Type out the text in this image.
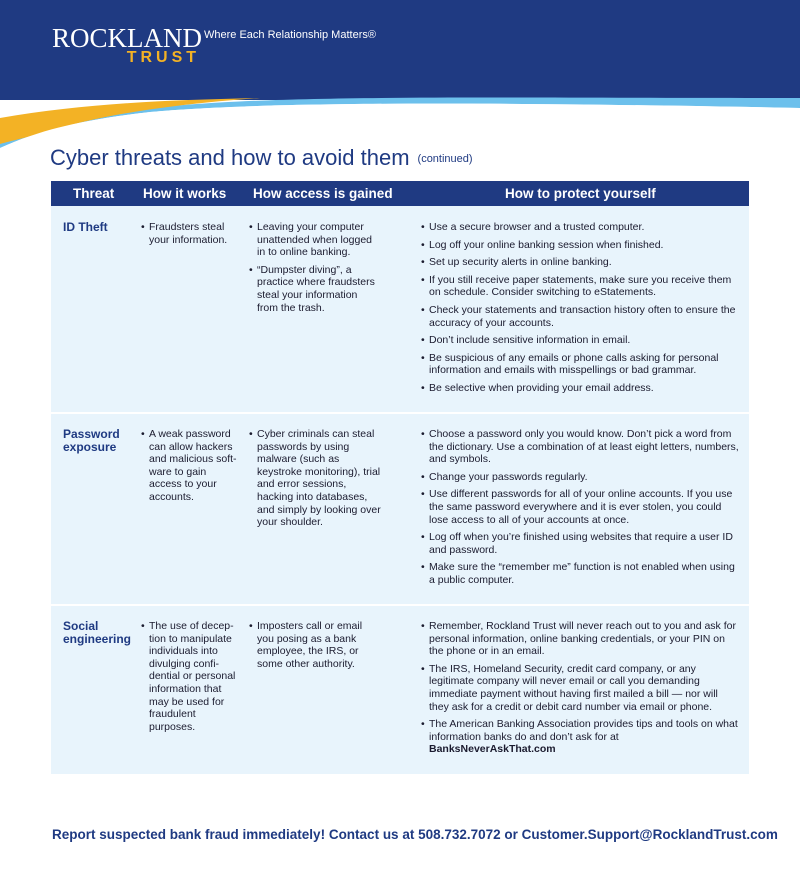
ROCKLAND
TRUST
Where Each Relationship Matters®
Cyber threats and how to avoid them (continued)
Threat How it works How access is gained	How to protect yourself
ID Theft
•	Fraudsters steal your information.
• Leaving your computer unattended when logged in to online banking.
• “Dumpster diving”, a practice where fraudsters steal your information from the trash.
• Use a secure browser and a trusted computer.
• Log off your online banking session when finished.
• Set up security alerts in online banking.
• If you still receive paper statements, make sure you receive them on schedule. Consider switching to eStatements.
• Check your statements and transaction history often to ensure the accuracy of your accounts.
• Don’t include sensitive information in email.
• Be suspicious of any emails or phone calls asking for personal information and emails with misspellings or bad grammar.
• Be selective when providing your email address.
Password exposure
• A weak password can allow hackers and malicious soft-ware to gain access to your accounts.
• Cyber criminals can steal passwords by using malware (such as keystroke monitoring), trial and error sessions, hacking into databases, and simply by looking over your shoulder.
• Choose a password only you would know. Don’t pick a word from the dictionary. Use a combination of at least eight letters, numbers, and symbols.
• Change your passwords regularly.
• Use different passwords for all of your online accounts. If you use the same password everywhere and it is ever stolen, you could lose access to all of your accounts at once.
• Log off when you’re finished using websites that require a user ID and password.
• Make sure the “remember me” function is not enabled when using a public computer.
Social engineering
• The use of decep-tion to manipulate individuals into divulging confi-dential or personal information that may be used for fraudulent purposes.
• Imposters call or email you posing as a bank employee, the IRS, or some other authority.
• Remember, Rockland Trust will never reach out to you and ask for personal information, online banking credentials, or your PIN on the phone or in an email.
• The IRS, Homeland Security, credit card company, or any legitimate company will never email or call you demanding immediate payment without having first mailed a bill — nor will they ask for a credit or debit card number via email or phone.
• The American Banking Association provides tips and tools on what information banks do and don’t ask for at
BanksNeverAskThat.com
Report suspected bank fraud immediately! Contact us at 508.732.7072 or Customer.Support@RocklandTrust.com
